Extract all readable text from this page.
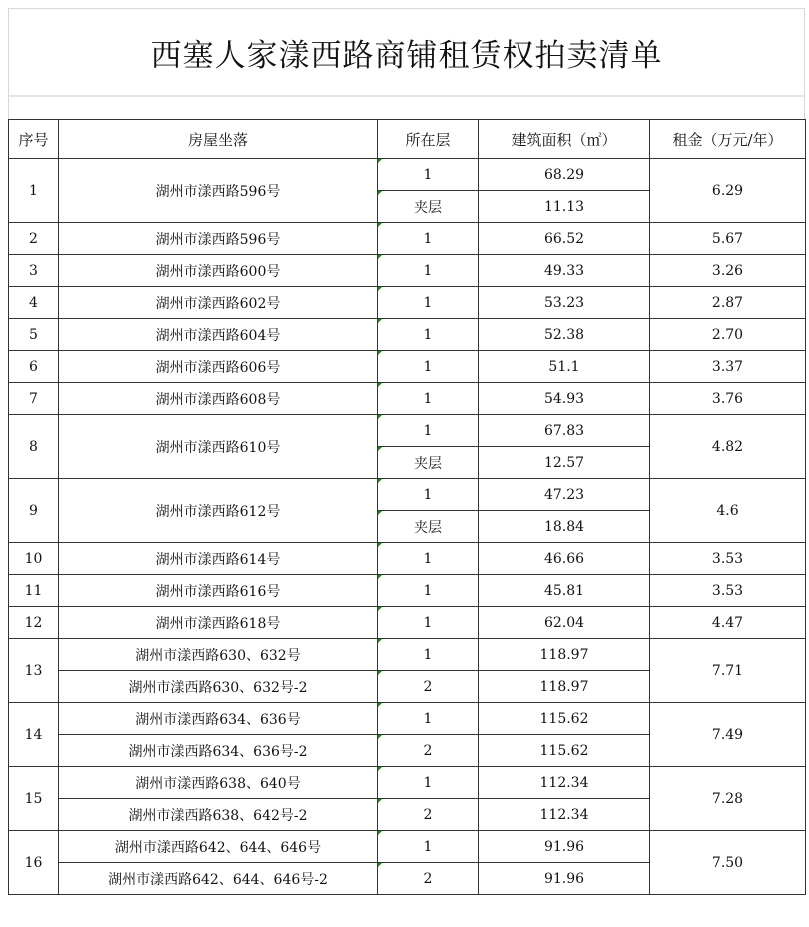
西塞人家漾西路商铺租赁权拍卖清单
序号	房屋坐落	所在层	建筑面积（㎡）	租金（万元/年）
1	湖州市漾西路596号	1	68.29	6.29
		夹层	11.13	
2	湖州市漾西路596号	1	66.52	5.67
3	湖州市漾西路600号	1	49.33	3.26
4	湖州市漾西路602号	1	53.23	2.87
5	湖州市漾西路604号	1	52.38	2.70
6	湖州市漾西路606号	1	51.1	3.37
7	湖州市漾西路608号	1	54.93	3.76
8	湖州市漾西路610号	1	67.83	4.82
		夹层	12.57	
9	湖州市漾西路612号	1	47.23	4.6
		夹层	18.84	
10	湖州市漾西路614号	1	46.66	3.53
11	湖州市漾西路616号	1	45.81	3.53
12	湖州市漾西路618号	1	62.04	4.47
13	湖州市漾西路630、632号	1	118.97	7.71
	湖州市漾西路630、632号-2	2	118.97	
14	湖州市漾西路634、636号	1	115.62	7.49
	湖州市漾西路634、636号-2	2	115.62	
15	湖州市漾西路638、640号	1	112.34	7.28
	湖州市漾西路638、642号-2	2	112.34	
16	湖州市漾西路642、644、646号	1	91.96	7.50
	湖州市漾西路642、644、646号-2	2	91.96	
